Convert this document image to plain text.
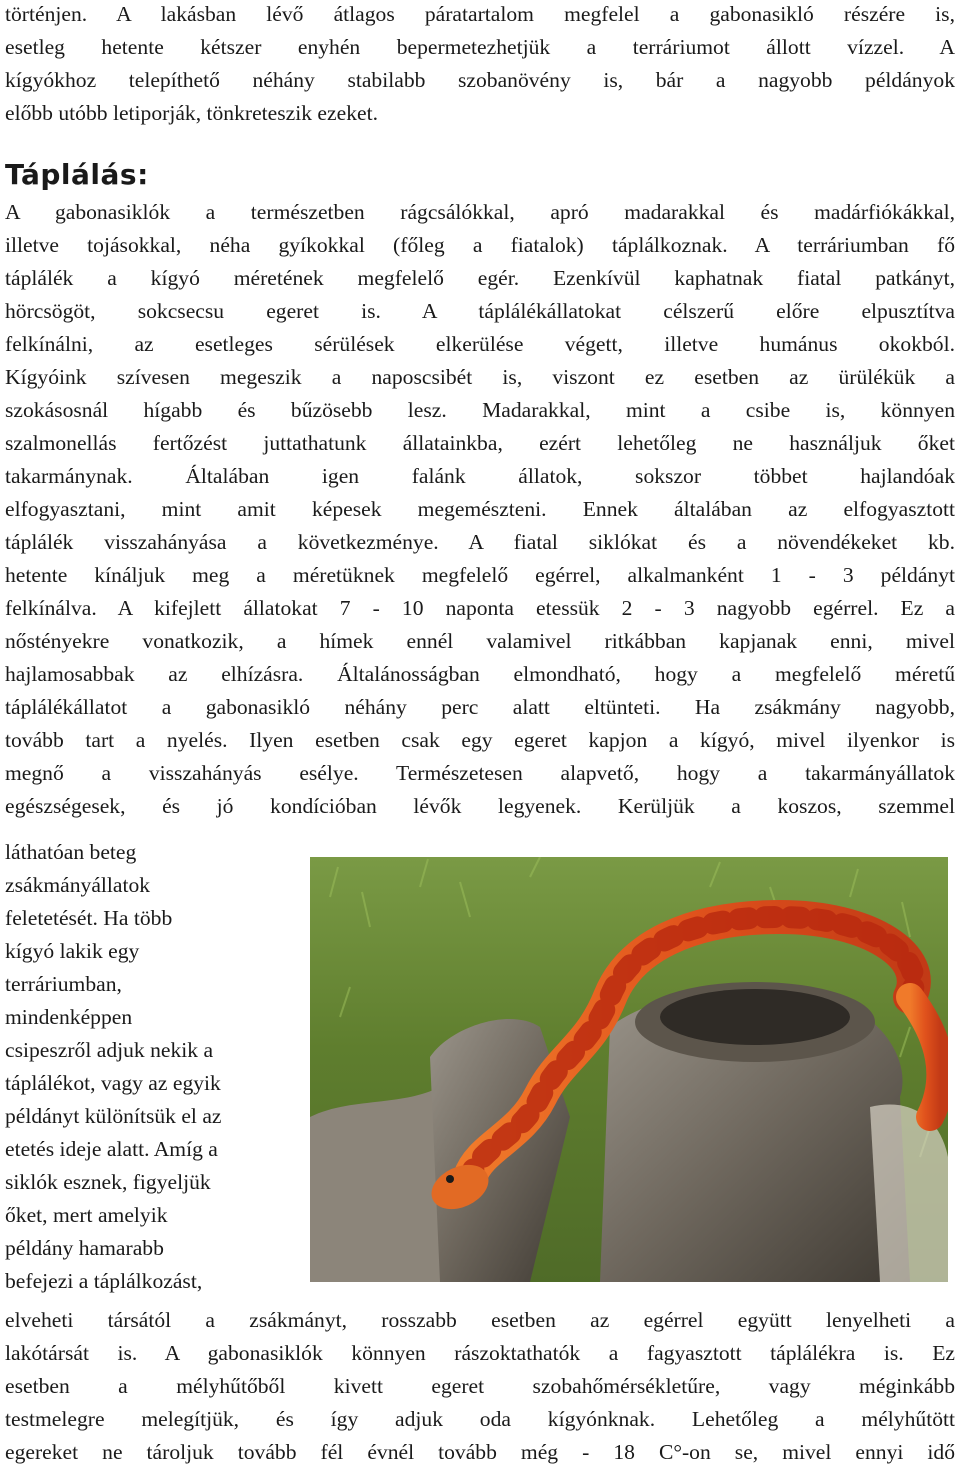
történjen. A lakásban lévő átlagos páratartalom megfelel a gabonasikló részére is,
esetleg hetente kétszer enyhén bepermetezhetjük a terráriumot állott vízzel. A
kígyókhoz telepíthető néhány stabilabb szobanövény is, bár a nagyobb példányok
előbb utóbb letiporják, tönkreteszik ezeket.
Táplálás:
A gabonasiklók a természetben rágcsálókkal, apró madarakkal és madárfiókákkal,
illetve tojásokkal, néha gyíkokkal (főleg a fiatalok) táplálkoznak. A terráriumban fő
táplálék a kígyó méretének megfelelő egér. Ezenkívül kaphatnak fiatal patkányt,
hörcsögöt, sokcsecsu egeret is. A táplálékállatokat célszerű előre elpusztítva
felkínálni, az esetleges sérülések elkerülése végett, illetve humánus okokból.
Kígyóink szívesen megeszik a naposcsibét is, viszont ez esetben az ürülékük a
szokásosnál hígabb és bűzösebb lesz. Madarakkal, mint a csibe is, könnyen
szalmonellás fertőzést juttathatunk állatainkba, ezért lehetőleg ne használjuk őket
takarmánynak. Általában igen falánk állatok, sokszor többet hajlandóak
elfogyasztani, mint amit képesek megemészteni. Ennek általában az elfogyasztott
táplálék visszahányása a következménye. A fiatal siklókat és a növendékeket kb.
hetente kínáljuk meg a méretüknek megfelelő egérrel, alkalmanként 1 - 3 példányt
felkínálva. A kifejlett állatokat 7 - 10 naponta etessük 2 - 3 nagyobb egérrel. Ez a
nőstényekre vonatkozik, a hímek ennél valamivel ritkábban kapjanak enni, mivel
hajlamosabbak az elhízásra. Általánosságban elmondható, hogy a megfelelő méretű
táplálékállatot a gabonasikló néhány perc alatt eltünteti. Ha zsákmány nagyobb,
tovább tart a nyelés. Ilyen esetben csak egy egeret kapjon a kígyó, mivel ilyenkor is
megnő a visszahányás esélye. Természetesen alapvető, hogy a takarmányállatok
egészségesek, és jó kondícióban lévők legyenek. Kerüljük a koszos, szemmel
láthatóan beteg
zsákmányállatok
feletetését. Ha több
kígyó lakik egy
terráriumban,
mindenképpen
csipeszről adjuk nekik a
táplálékot, vagy az egyik
példányt különítsük el az
etetés ideje alatt. Amíg a
siklók esznek, figyeljük
őket, mert amelyik
példány hamarabb
befejezi a táplálkozást,
elveheti társától a zsákmányt, rosszabb esetben az egérrel együtt lenyelheti a
lakótársát is. A gabonasiklók könnyen rászoktathatók a fagyasztott táplálékra is. Ez
esetben a mélyhűtőből kivett egeret szobahőmérsékletűre, vagy méginkább
testmelegre melegítjük, és így adjuk oda kígyónknak. Lehetőleg a mélyhűtött
egereket ne tároljuk tovább fél évnél tovább még - 18 C°-on se, mivel ennyi idő
